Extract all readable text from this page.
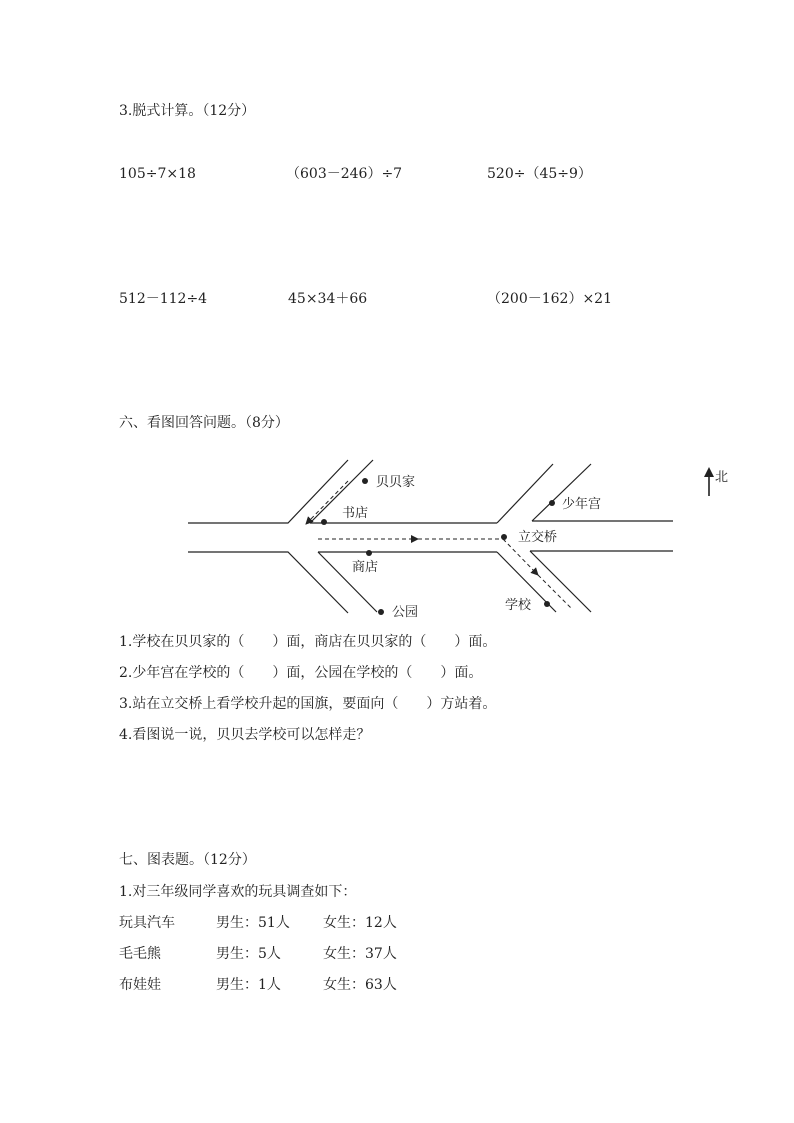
3.脱式计算。（12分）
105÷7×18	（603－246）÷7	520÷（45÷9）
512－112÷4	45×34＋66	（200－162）×21
六、看图回答问题。（8分）
贝贝家
书店
少年宫
立交桥
商店
公园	学校
北
1.学校在贝贝家的（　　）面，商店在贝贝家的（　　）面。
2.少年宫在学校的（　　）面，公园在学校的（　　）面。
3.站在立交桥上看学校升起的国旗，要面向（　　）方站着。
4.看图说一说，贝贝去学校可以怎样走？
七、图表题。（12分）
1.对三年级同学喜欢的玩具调查如下：
玩具汽车	男生：51人 女生：12人
毛毛熊	男生：5人	女生：37人
布娃娃	男生：1人	女生：63人
